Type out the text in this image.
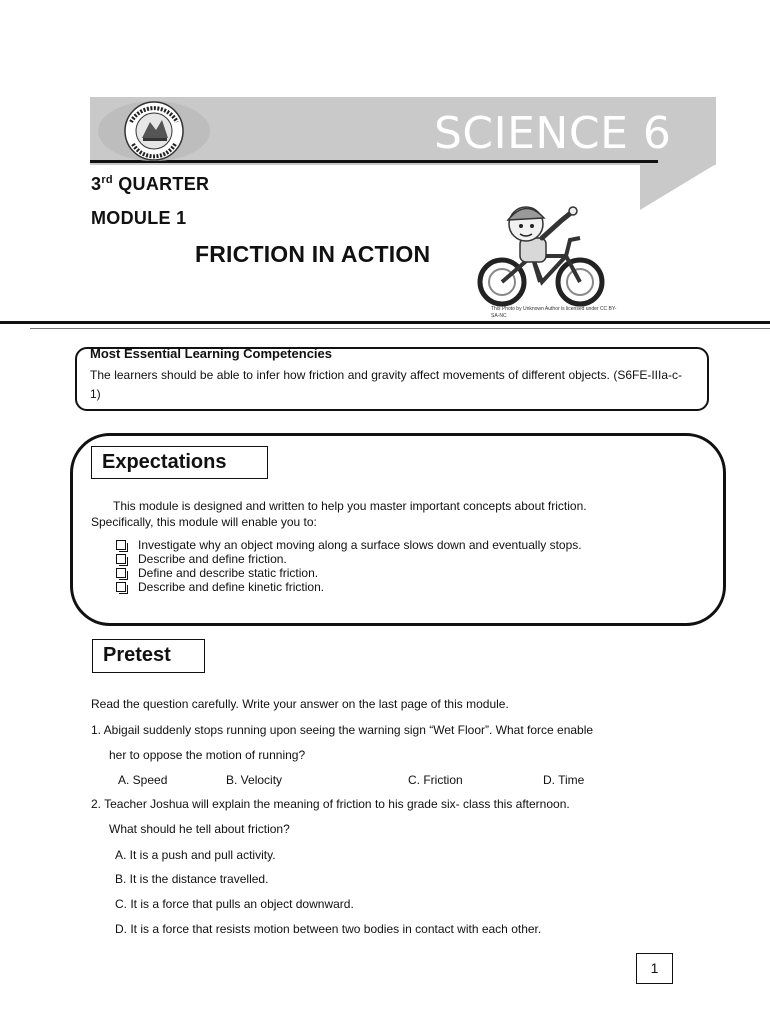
SCIENCE 6
3rd QUARTER
MODULE 1
FRICTION IN ACTION
This Photo by Unknown Author is licensed under CC BY-SA-NC
Most Essential Learning Competencies
The learners should be able to infer how friction and gravity affect movements of different objects. (S6FE-IIIa-c-1)
Expectations
This module is designed and written to help you master important concepts about friction.
Specifically, this module will enable you to:
Investigate why an object moving along a surface slows down and eventually stops.
Describe and define friction.
Define and describe static friction.
Describe and define kinetic friction.
Pretest
Read the question carefully. Write your answer on the last page of this module.
1. Abigail suddenly stops running upon seeing the warning sign “Wet Floor”. What force enable
her to oppose the motion of running?
A. Speed	B. Velocity	C. Friction	D. Time
2. Teacher Joshua will explain the meaning of friction to his grade six- class this afternoon.
What should he tell about friction?
A. It is a push and pull activity.
B. It is the distance travelled.
C. It is a force that pulls an object downward.
D. It is a force that resists motion between two bodies in contact with each other.
1
